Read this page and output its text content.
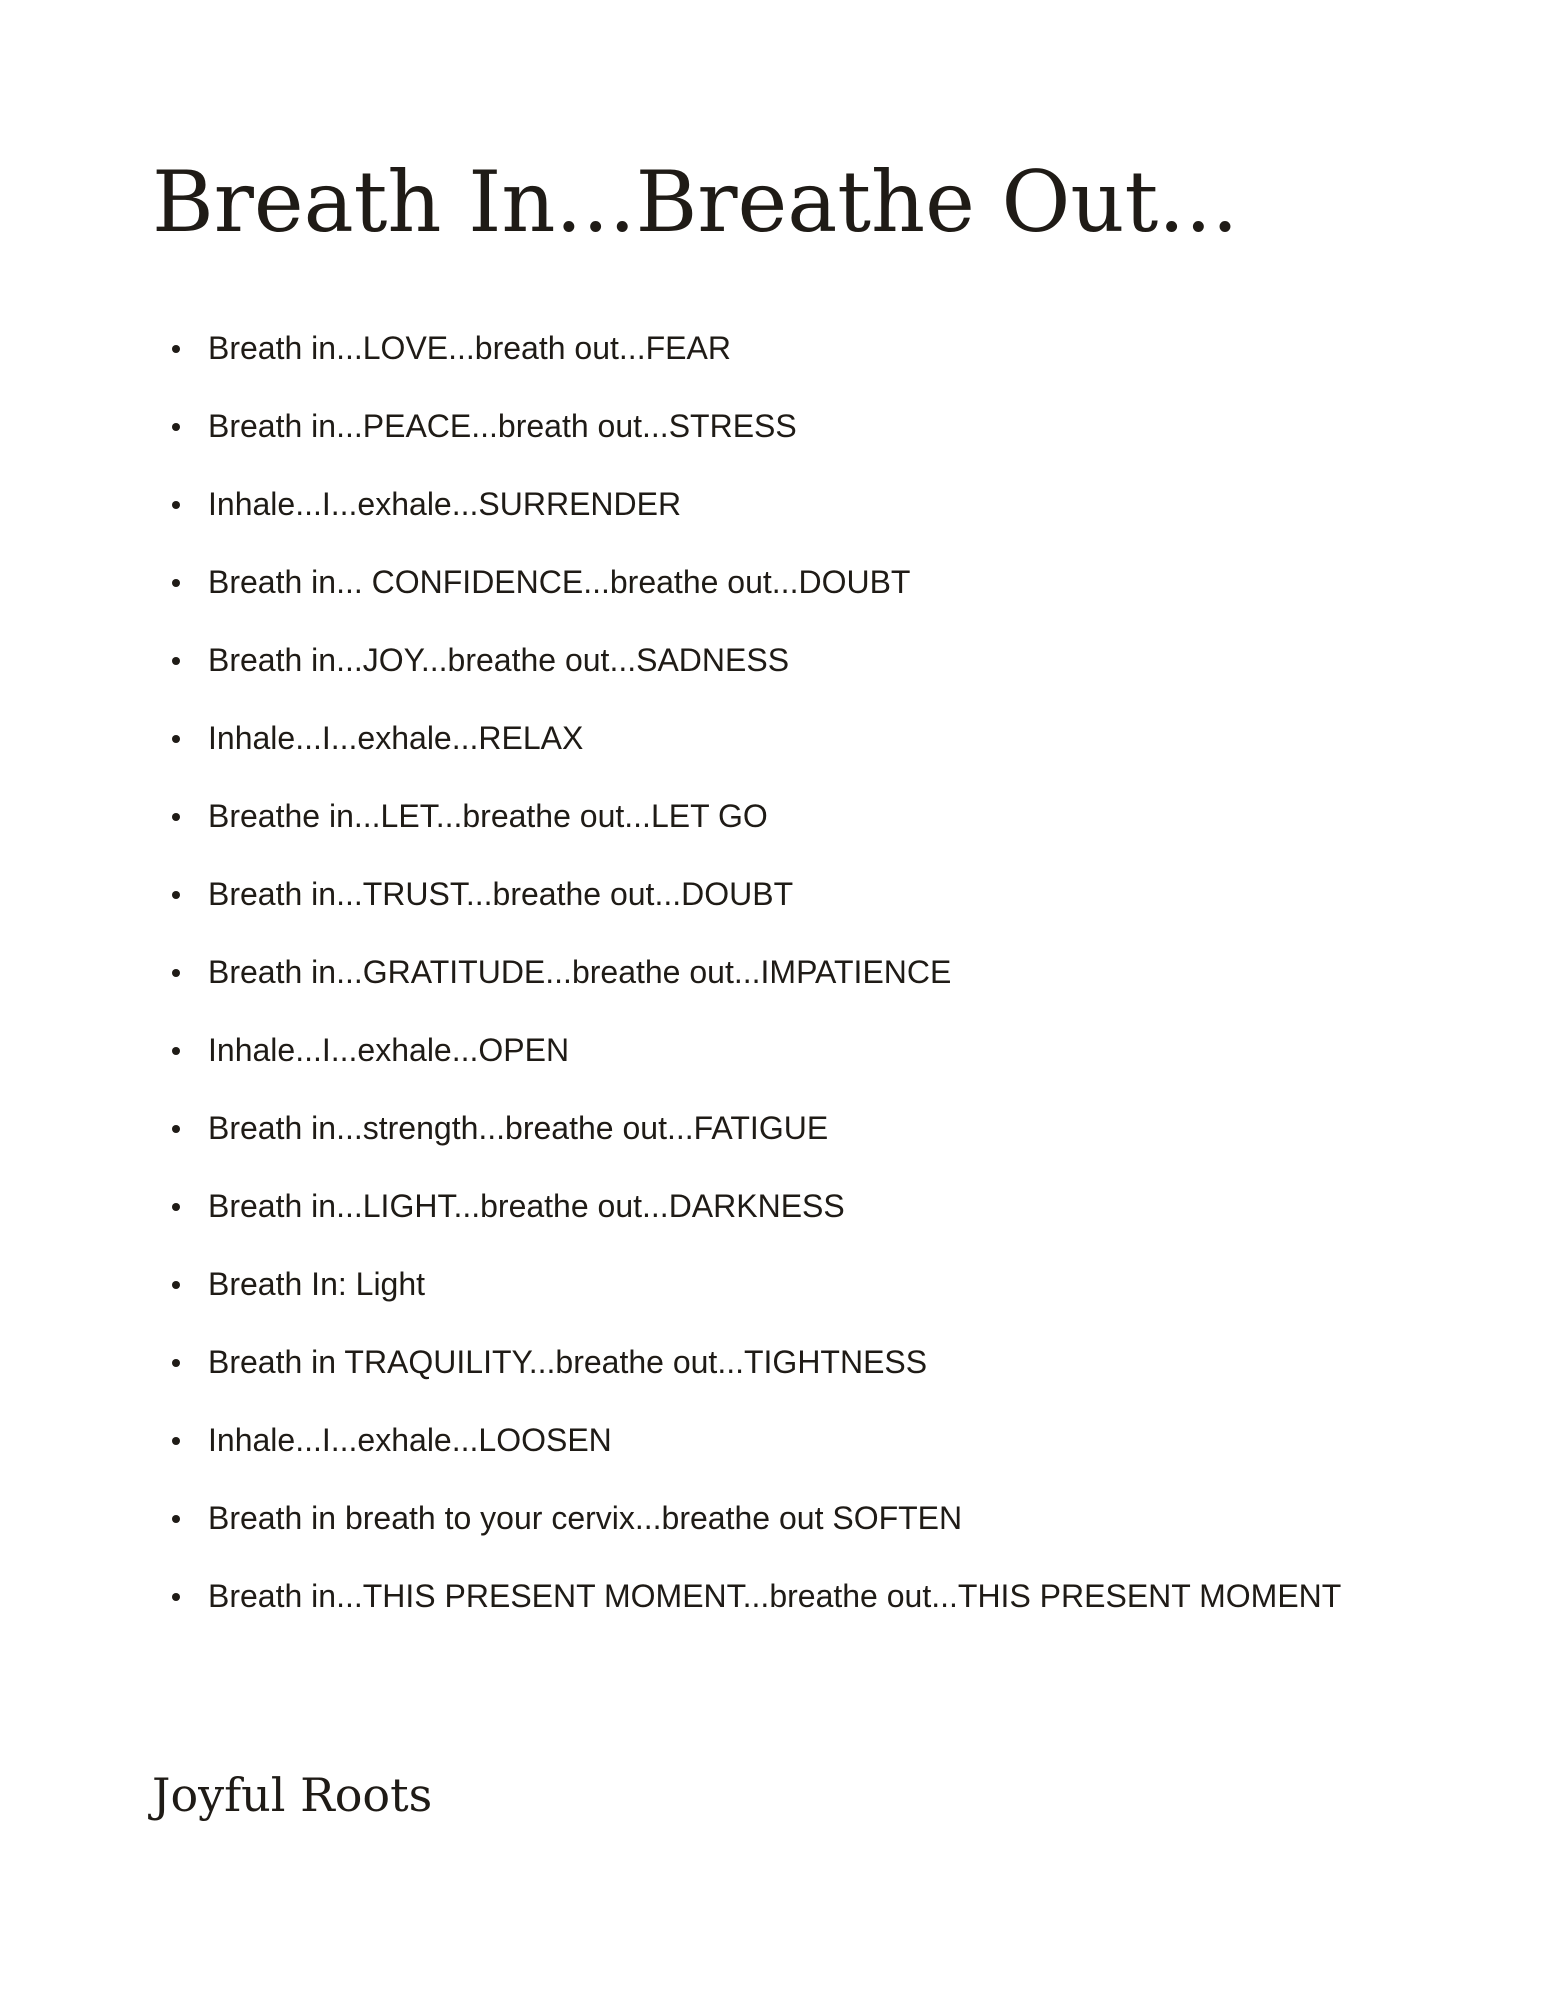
Breath In...Breathe Out...
Breath in...LOVE...breath out...FEAR
Breath in...PEACE...breath out...STRESS
Inhale...I...exhale...SURRENDER
Breath in... CONFIDENCE...breathe out...DOUBT
Breath in...JOY...breathe out...SADNESS
Inhale...I...exhale...RELAX
Breathe in...LET...breathe out...LET GO
Breath in...TRUST...breathe out...DOUBT
Breath in...GRATITUDE...breathe out...IMPATIENCE
Inhale...I...exhale...OPEN
Breath in...strength...breathe out...FATIGUE
Breath in...LIGHT...breathe out...DARKNESS
Breath In: Light
Breath in TRAQUILITY...breathe out...TIGHTNESS
Inhale...I...exhale...LOOSEN
Breath in breath to your cervix...breathe out SOFTEN
Breath in...THIS PRESENT MOMENT...breathe out...THIS PRESENT MOMENT
Joyful Roots
